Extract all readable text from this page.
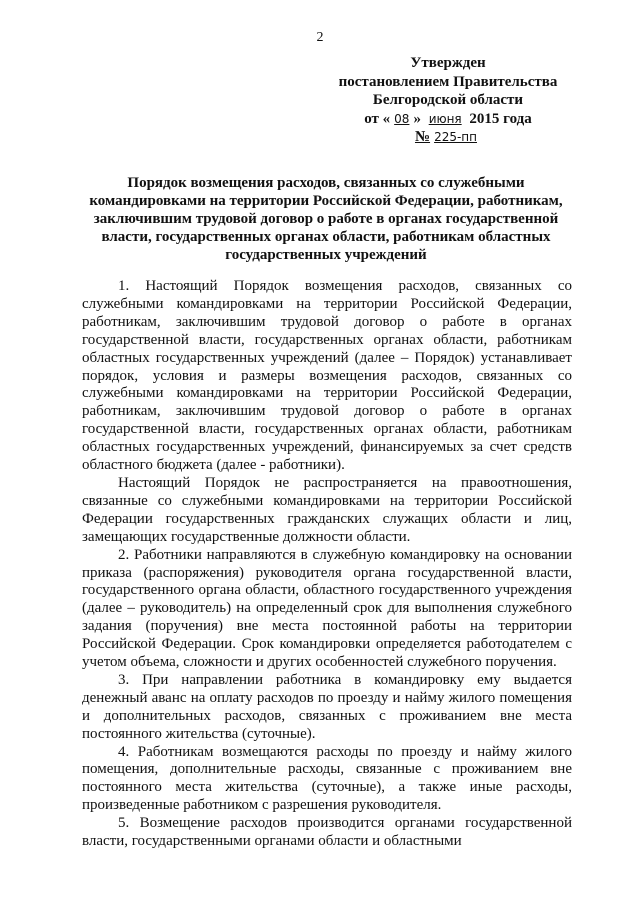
2
Утвержден
постановлением Правительства
Белгородской области
от « 08 » июня 2015 года
№ 225-пп
Порядок возмещения расходов, связанных со служебными командировками на территории Российской Федерации, работникам, заключившим трудовой договор о работе в органах государственной власти, государственных органах области, работникам областных государственных учреждений

1. Настоящий Порядок возмещения расходов, связанных со служебными командировками на территории Российской Федерации, работникам, заключившим трудовой договор о работе в органах государственной власти, государственных органах области, работникам областных государственных учреждений (далее – Порядок) устанавливает порядок, условия и размеры возмещения расходов, связанных со служебными командировками на территории Российской Федерации, работникам, заключившим трудовой договор о работе в органах государственной власти, государственных органах области, работникам областных государственных учреждений, финансируемых за счет средств областного бюджета (далее - работники).

Настоящий Порядок не распространяется на правоотношения, связанные со служебными командировками на территории Российской Федерации государственных гражданских служащих области и лиц, замещающих государственные должности области.

2. Работники направляются в служебную командировку на основании приказа (распоряжения) руководителя органа государственной власти, государственного органа области, областного государственного учреждения (далее – руководитель) на определенный срок для выполнения служебного задания (поручения) вне места постоянной работы на территории Российской Федерации. Срок командировки определяется работодателем с учетом объема, сложности и других особенностей служебного поручения.

3. При направлении работника в командировку ему выдается денежный аванс на оплату расходов по проезду и найму жилого помещения и дополнительных расходов, связанных с проживанием вне места постоянного жительства (суточные).

4. Работникам возмещаются расходы по проезду и найму жилого помещения, дополнительные расходы, связанные с проживанием вне постоянного места жительства (суточные), а также иные расходы, произведенные работником с разрешения руководителя.

5. Возмещение расходов производится органами государственной власти, государственными органами области и областными
